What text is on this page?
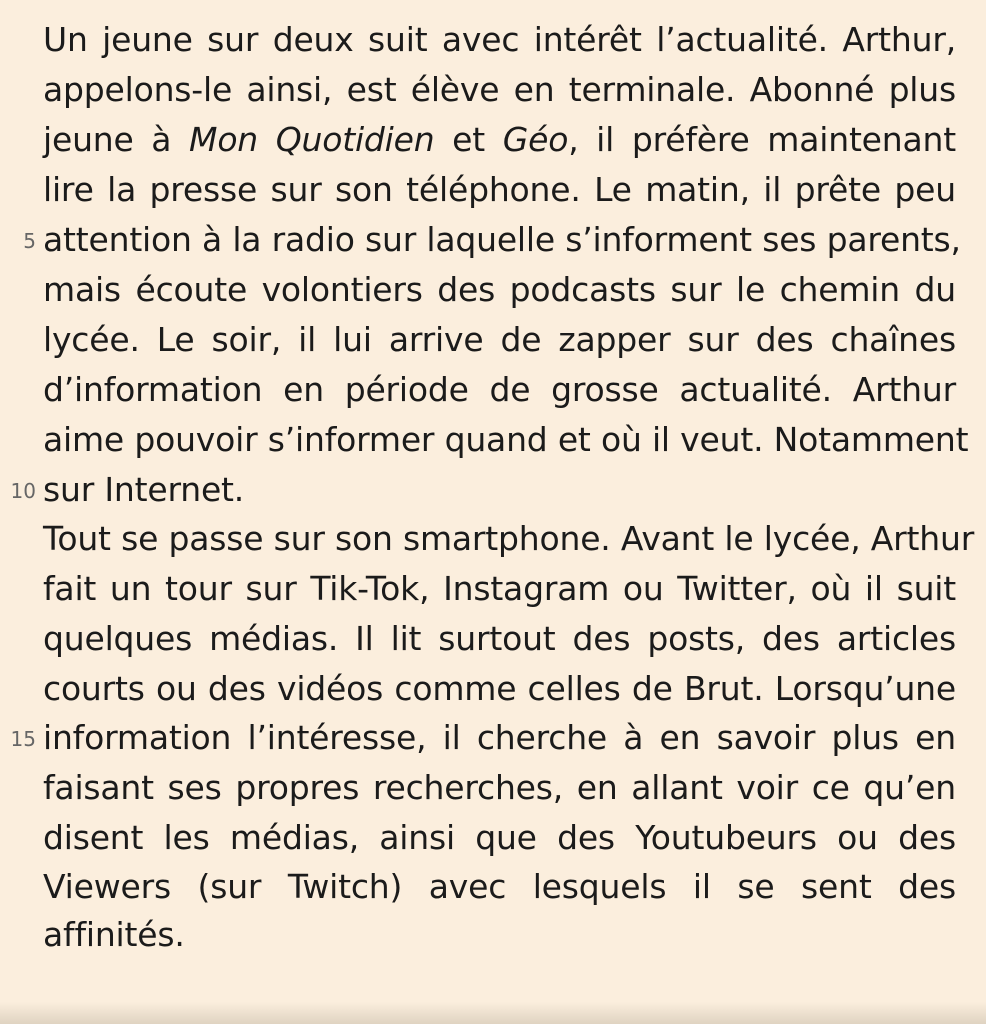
5
10
15
Un jeune sur deux suit avec intérêt l’actualité. Arthur,
appelons-le ainsi, est élève en terminale. Abonné plus
jeune à Mon Quotidien et Géo, il préfère maintenant
lire la presse sur son téléphone. Le matin, il prête peu
attention à la radio sur laquelle s’informent ses parents,
mais écoute volontiers des podcasts sur le chemin du
lycée. Le soir, il lui arrive de zapper sur des chaînes
d’information en période de grosse actualité. Arthur
aime pouvoir s’informer quand et où il veut. Notamment
sur Internet.
Tout se passe sur son smartphone. Avant le lycée, Arthur
fait un tour sur Tik-Tok, Instagram ou Twitter, où il suit
quelques médias. Il lit surtout des posts, des articles
courts ou des vidéos comme celles de Brut. Lorsqu’une
information l’intéresse, il cherche à en savoir plus en
faisant ses propres recherches, en allant voir ce qu’en
disent les médias, ainsi que des Youtubeurs ou des
Viewers (sur Twitch) avec lesquels il se sent des
affinités.
